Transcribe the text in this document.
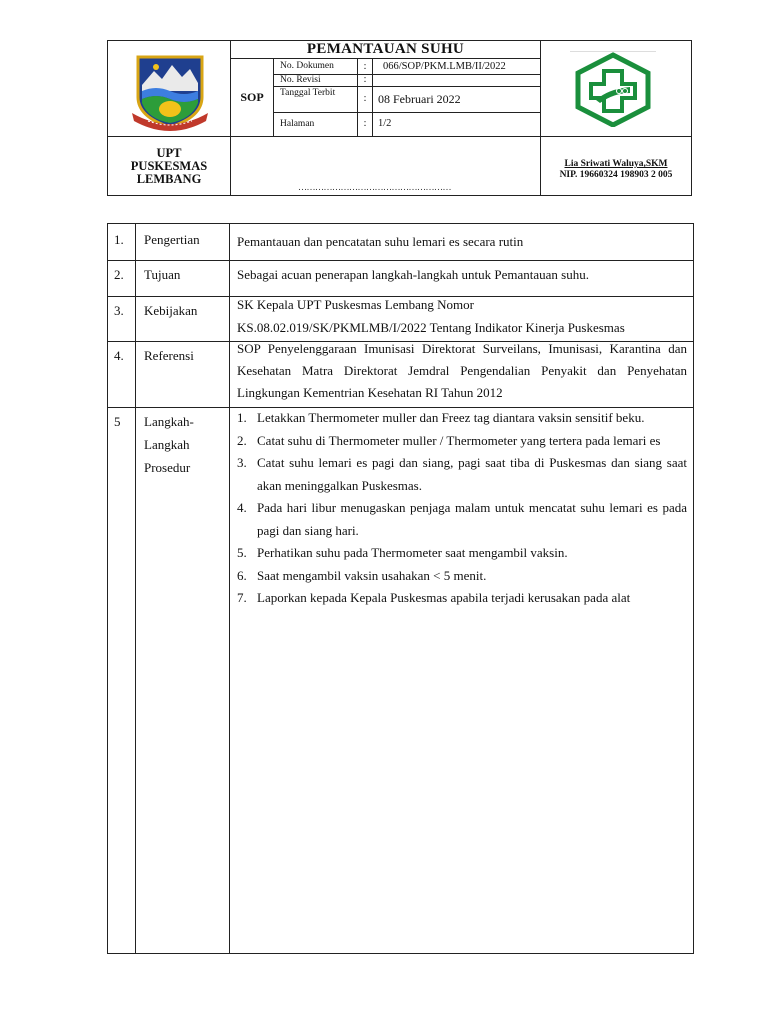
PEMANTAUAN SUHU
SOP
No. Dokumen	:	066/SOP/PKM.LMB/II/2022
No. Revisi	:
Tanggal Terbit	: 08 Februari 2022
Halaman	:	1/2
UPT
PUSKESMAS
LEMBANG
………………………………………………
Lia Sriwati Waluya,SKM
NIP. 19660324 198903 2 005
1.	Pengertian	Pemantauan dan pencatatan suhu lemari es secara rutin
2.	Tujuan	Sebagai acuan penerapan langkah-langkah untuk Pemantauan suhu.
3.	Kebijakan	SK Kepala UPT Puskesmas Lembang Nomor
KS.08.02.019/SK/PKMLMB/I/2022 Tentang Indikator Kinerja Puskesmas
4.	Referensi	SOP Penyelenggaraan Imunisasi Direktorat Surveilans, Imunisasi, Karantina dan Kesehatan Matra Direktorat Jemdral Pengendalian Penyakit dan Penyehatan Lingkungan Kementrian Kesehatan RI Tahun 2012
5	Langkah-
Langkah
Prosedur
1. Letakkan Thermometer muller dan Freez tag diantara vaksin sensitif beku.
2. Catat suhu di Thermometer muller / Thermometer yang tertera pada lemari es
3. Catat suhu lemari es pagi dan siang, pagi saat tiba di Puskesmas dan siang saat akan meninggalkan Puskesmas.
4. Pada hari libur menugaskan penjaga malam untuk mencatat suhu lemari es pada pagi dan siang hari.
5. Perhatikan suhu pada Thermometer saat mengambil vaksin.
6. Saat mengambil vaksin usahakan < 5 menit.
7. Laporkan kepada Kepala Puskesmas apabila terjadi kerusakan pada alat
